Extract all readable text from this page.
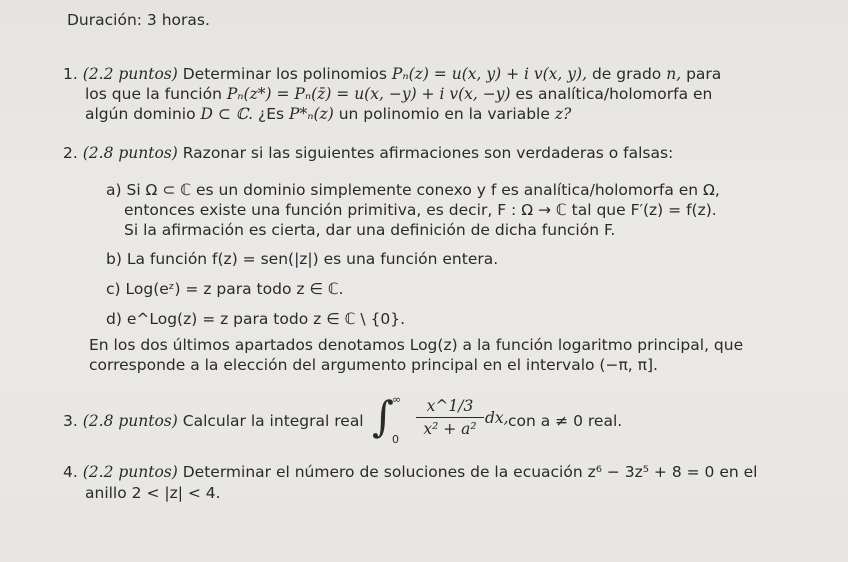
Duración: 3 horas.
1. (2.2 puntos) Determinar los polinomios Pₙ(z) = u(x, y) + i v(x, y), de grado n, para
los que la función Pₙ(z*) = Pₙ(z̄) = u(x, −y) + i v(x, −y) es analítica/holomorfa en
algún dominio D ⊂ ℂ. ¿Es P*ₙ(z) un polinomio en la variable z?
2. (2.8 puntos) Razonar si las siguientes afirmaciones son verdaderas o falsas:
a) Si Ω ⊂ ℂ es un dominio simplemente conexo y f es analítica/holomorfa en Ω,
entonces existe una función primitiva, es decir, F : Ω → ℂ tal que F′(z) = f(z).
Si la afirmación es cierta, dar una definición de dicha función F.
b) La función f(z) = sen(|z|) es una función entera.
c) Log(eᶻ) = z para todo z ∈ ℂ.
d) e^Log(z) = z para todo z ∈ ℂ \ {0}.
En los dos últimos apartados denotamos Log(z) a la función logaritmo principal, que
corresponde a la elección del argumento principal en el intervalo (−π, π].
3. (2.8 puntos) Calcular la integral real ∫
∞
0
x^1/3
x² + a²
dx, con a ≠ 0 real.
4. (2.2 puntos) Determinar el número de soluciones de la ecuación z⁶ − 3z⁵ + 8 = 0 en el
anillo 2 < |z| < 4.
